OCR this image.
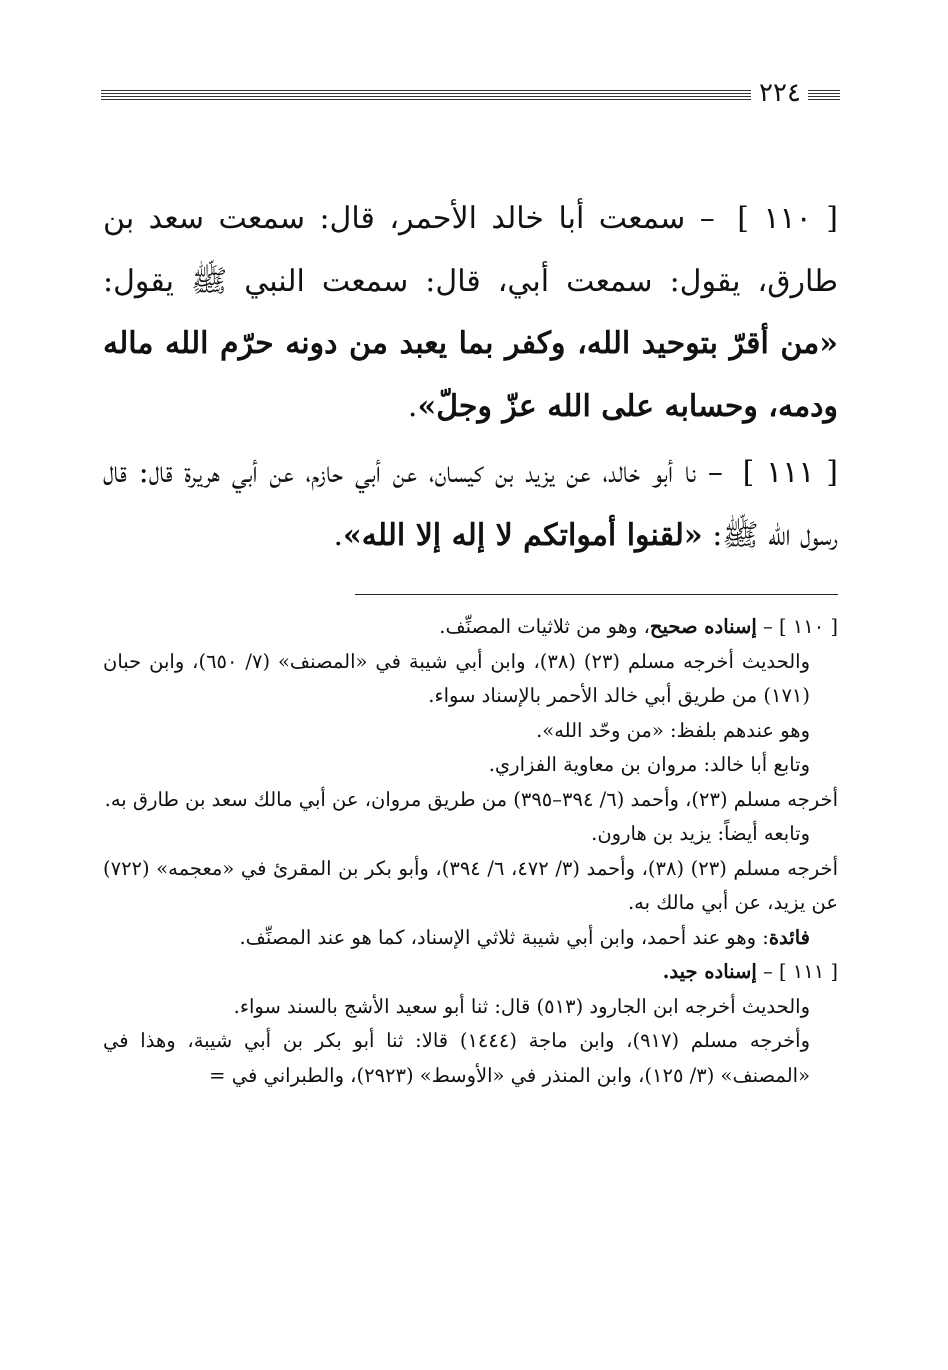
٢٢٤

[ ١١٠ ] – سمعت أبا خالد الأحمر، قال: سمعت سعد بن طارق، يقول: سمعت أبي، قال: سمعت النبي ﷺ يقول: «من أقرّ بتوحيد الله، وكفر بما يعبد من دونه حرّم الله ماله ودمه، وحسابه على الله عزّ وجلّ».

[ ١١١ ] – نا أبو خالد، عن يزيد بن كيسان، عن أبي حازم، عن أبي هريرة قال: قال رسول الله ﷺ: «لقنوا أمواتكم لا إله إلا الله».

[ ١١٠ ] – إسناده صحيح، وهو من ثلاثيات المصنِّف.

والحديث أخرجه مسلم (٢٣) (٣٨)، وابن أبي شيبة في «المصنف» (٧/ ٦٥٠)، وابن حبان (١٧١) من طريق أبي خالد الأحمر بالإسناد سواء.

وهو عندهم بلفظ: «من وحّد الله».

وتابع أبا خالد: مروان بن معاوية الفزاري.

أخرجه مسلم (٢٣)، وأحمد (٦/ ٣٩٤–٣٩٥) من طريق مروان، عن أبي مالك سعد بن طارق به.

وتابعه أيضاً: يزيد بن هارون.

أخرجه مسلم (٢٣) (٣٨)، وأحمد (٣/ ٤٧٢، ٦/ ٣٩٤)، وأبو بكر بن المقرئ في «معجمه» (٧٢٢) عن يزيد، عن أبي مالك به.

فائدة: وهو عند أحمد، وابن أبي شيبة ثلاثي الإسناد، كما هو عند المصنِّف.

[ ١١١ ] – إسناده جيد.

والحديث أخرجه ابن الجارود (٥١٣) قال: ثنا أبو سعيد الأشج بالسند سواء.

وأخرجه مسلم (٩١٧)، وابن ماجة (١٤٤٤) قالا: ثنا أبو بكر بن أبي شيبة، وهذا في «المصنف» (٣/ ١٢٥)، وابن المنذر في «الأوسط» (٢٩٢٣)، والطبراني في =
